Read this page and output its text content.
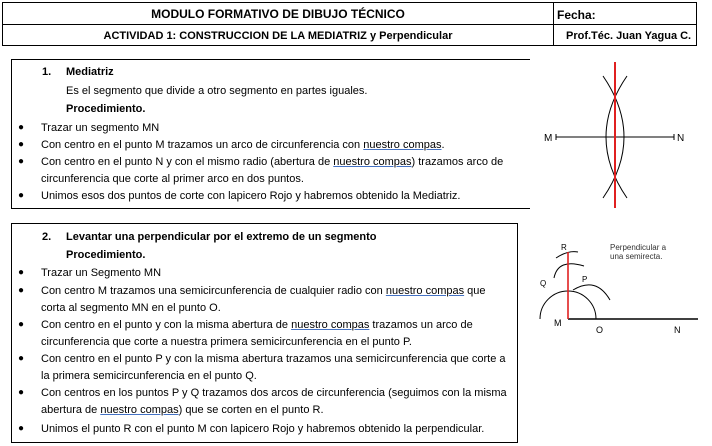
MODULO FORMATIVO DE DIBUJO TÉCNICO	Fecha:
ACTIVIDAD 1: CONSTRUCCION DE LA MEDIATRIZ y Perpendicular	Prof.Téc. Juan Yagua C.
1. Mediatriz
Es el segmento que divide a otro segmento en partes iguales.
Procedimiento.
● Trazar un segmento MN
● Con centro en el punto M trazamos un arco de circunferencia con nuestro compas.
● Con centro en el punto N y con el mismo radio (abertura de nuestro compas) trazamos arco de
circunferencia que corte al primer arco en dos puntos.
● Unimos esos dos puntos de corte con lapicero Rojo y habremos obtenido la Mediatriz.
2. Levantar una perpendicular por el extremo de un segmento
Procedimiento.
● Trazar un Segmento MN
● Con centro M trazamos una semicircunferencia de cualquier radio con nuestro compas que
corta al segmento MN en el punto O.
● Con centro en el punto y con la misma abertura de nuestro compas trazamos un arco de
circunferencia que corte a nuestra primera semicircunferencia en el punto P.
● Con centro en el punto P y con la misma abertura trazamos una semicircunferencia que corte a
la primera semicircunferencia en el punto Q.
● Con centros en los puntos P y Q trazamos dos arcos de circunferencia (seguimos con la misma
abertura de nuestro compas) que se corten en el punto R.
● Unimos el punto R con el punto M con lapicero Rojo y habremos obtenido la perpendicular.
M	N
Perpendicular a
una semirecta.
R
Q	P
M
O	N
